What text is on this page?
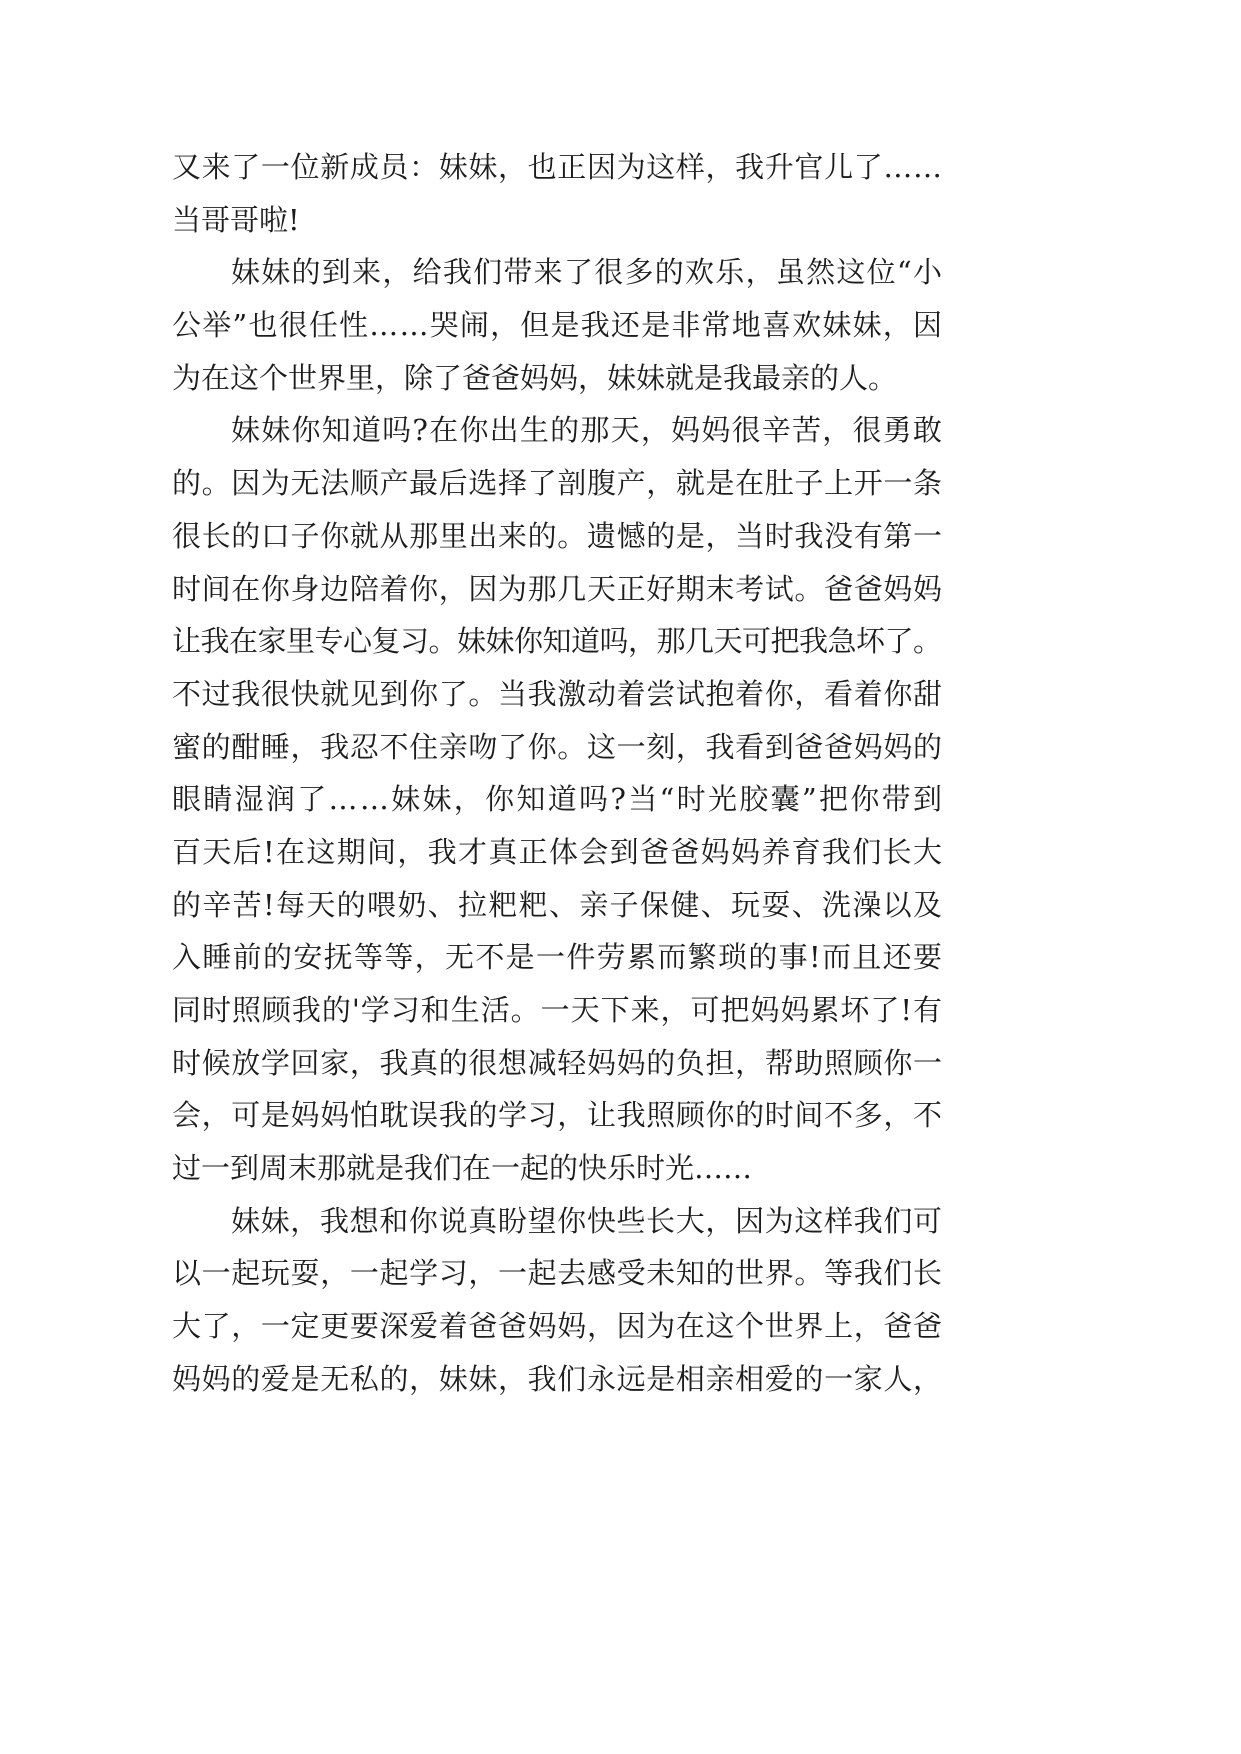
又来了一位新成员：妹妹，也正因为这样，我升官儿了……
当哥哥啦!
妹妹的到来，给我们带来了很多的欢乐，虽然这位“小
公举”也很任性……哭闹，但是我还是非常地喜欢妹妹，因
为在这个世界里，除了爸爸妈妈，妹妹就是我最亲的人。
妹妹你知道吗?在你出生的那天，妈妈很辛苦，很勇敢
的。因为无法顺产最后选择了剖腹产，就是在肚子上开一条
很长的口子你就从那里出来的。遗憾的是，当时我没有第一
时间在你身边陪着你，因为那几天正好期末考试。爸爸妈妈
让我在家里专心复习。妹妹你知道吗，那几天可把我急坏了。
不过我很快就见到你了。当我激动着尝试抱着你，看着你甜
蜜的酣睡，我忍不住亲吻了你。这一刻，我看到爸爸妈妈的
眼睛湿润了……妹妹，你知道吗?当“时光胶囊”把你带到
百天后!在这期间，我才真正体会到爸爸妈妈养育我们长大
的辛苦!每天的喂奶、拉粑粑、亲子保健、玩耍、洗澡以及
入睡前的安抚等等，无不是一件劳累而繁琐的事!而且还要
同时照顾我的'学习和生活。一天下来，可把妈妈累坏了!有
时候放学回家，我真的很想减轻妈妈的负担，帮助照顾你一
会，可是妈妈怕耽误我的学习，让我照顾你的时间不多，不
过一到周末那就是我们在一起的快乐时光……
妹妹，我想和你说真盼望你快些长大，因为这样我们可
以一起玩耍，一起学习，一起去感受未知的世界。等我们长
大了，一定更要深爱着爸爸妈妈，因为在这个世界上，爸爸
妈妈的爱是无私的，妹妹，我们永远是相亲相爱的一家人，
